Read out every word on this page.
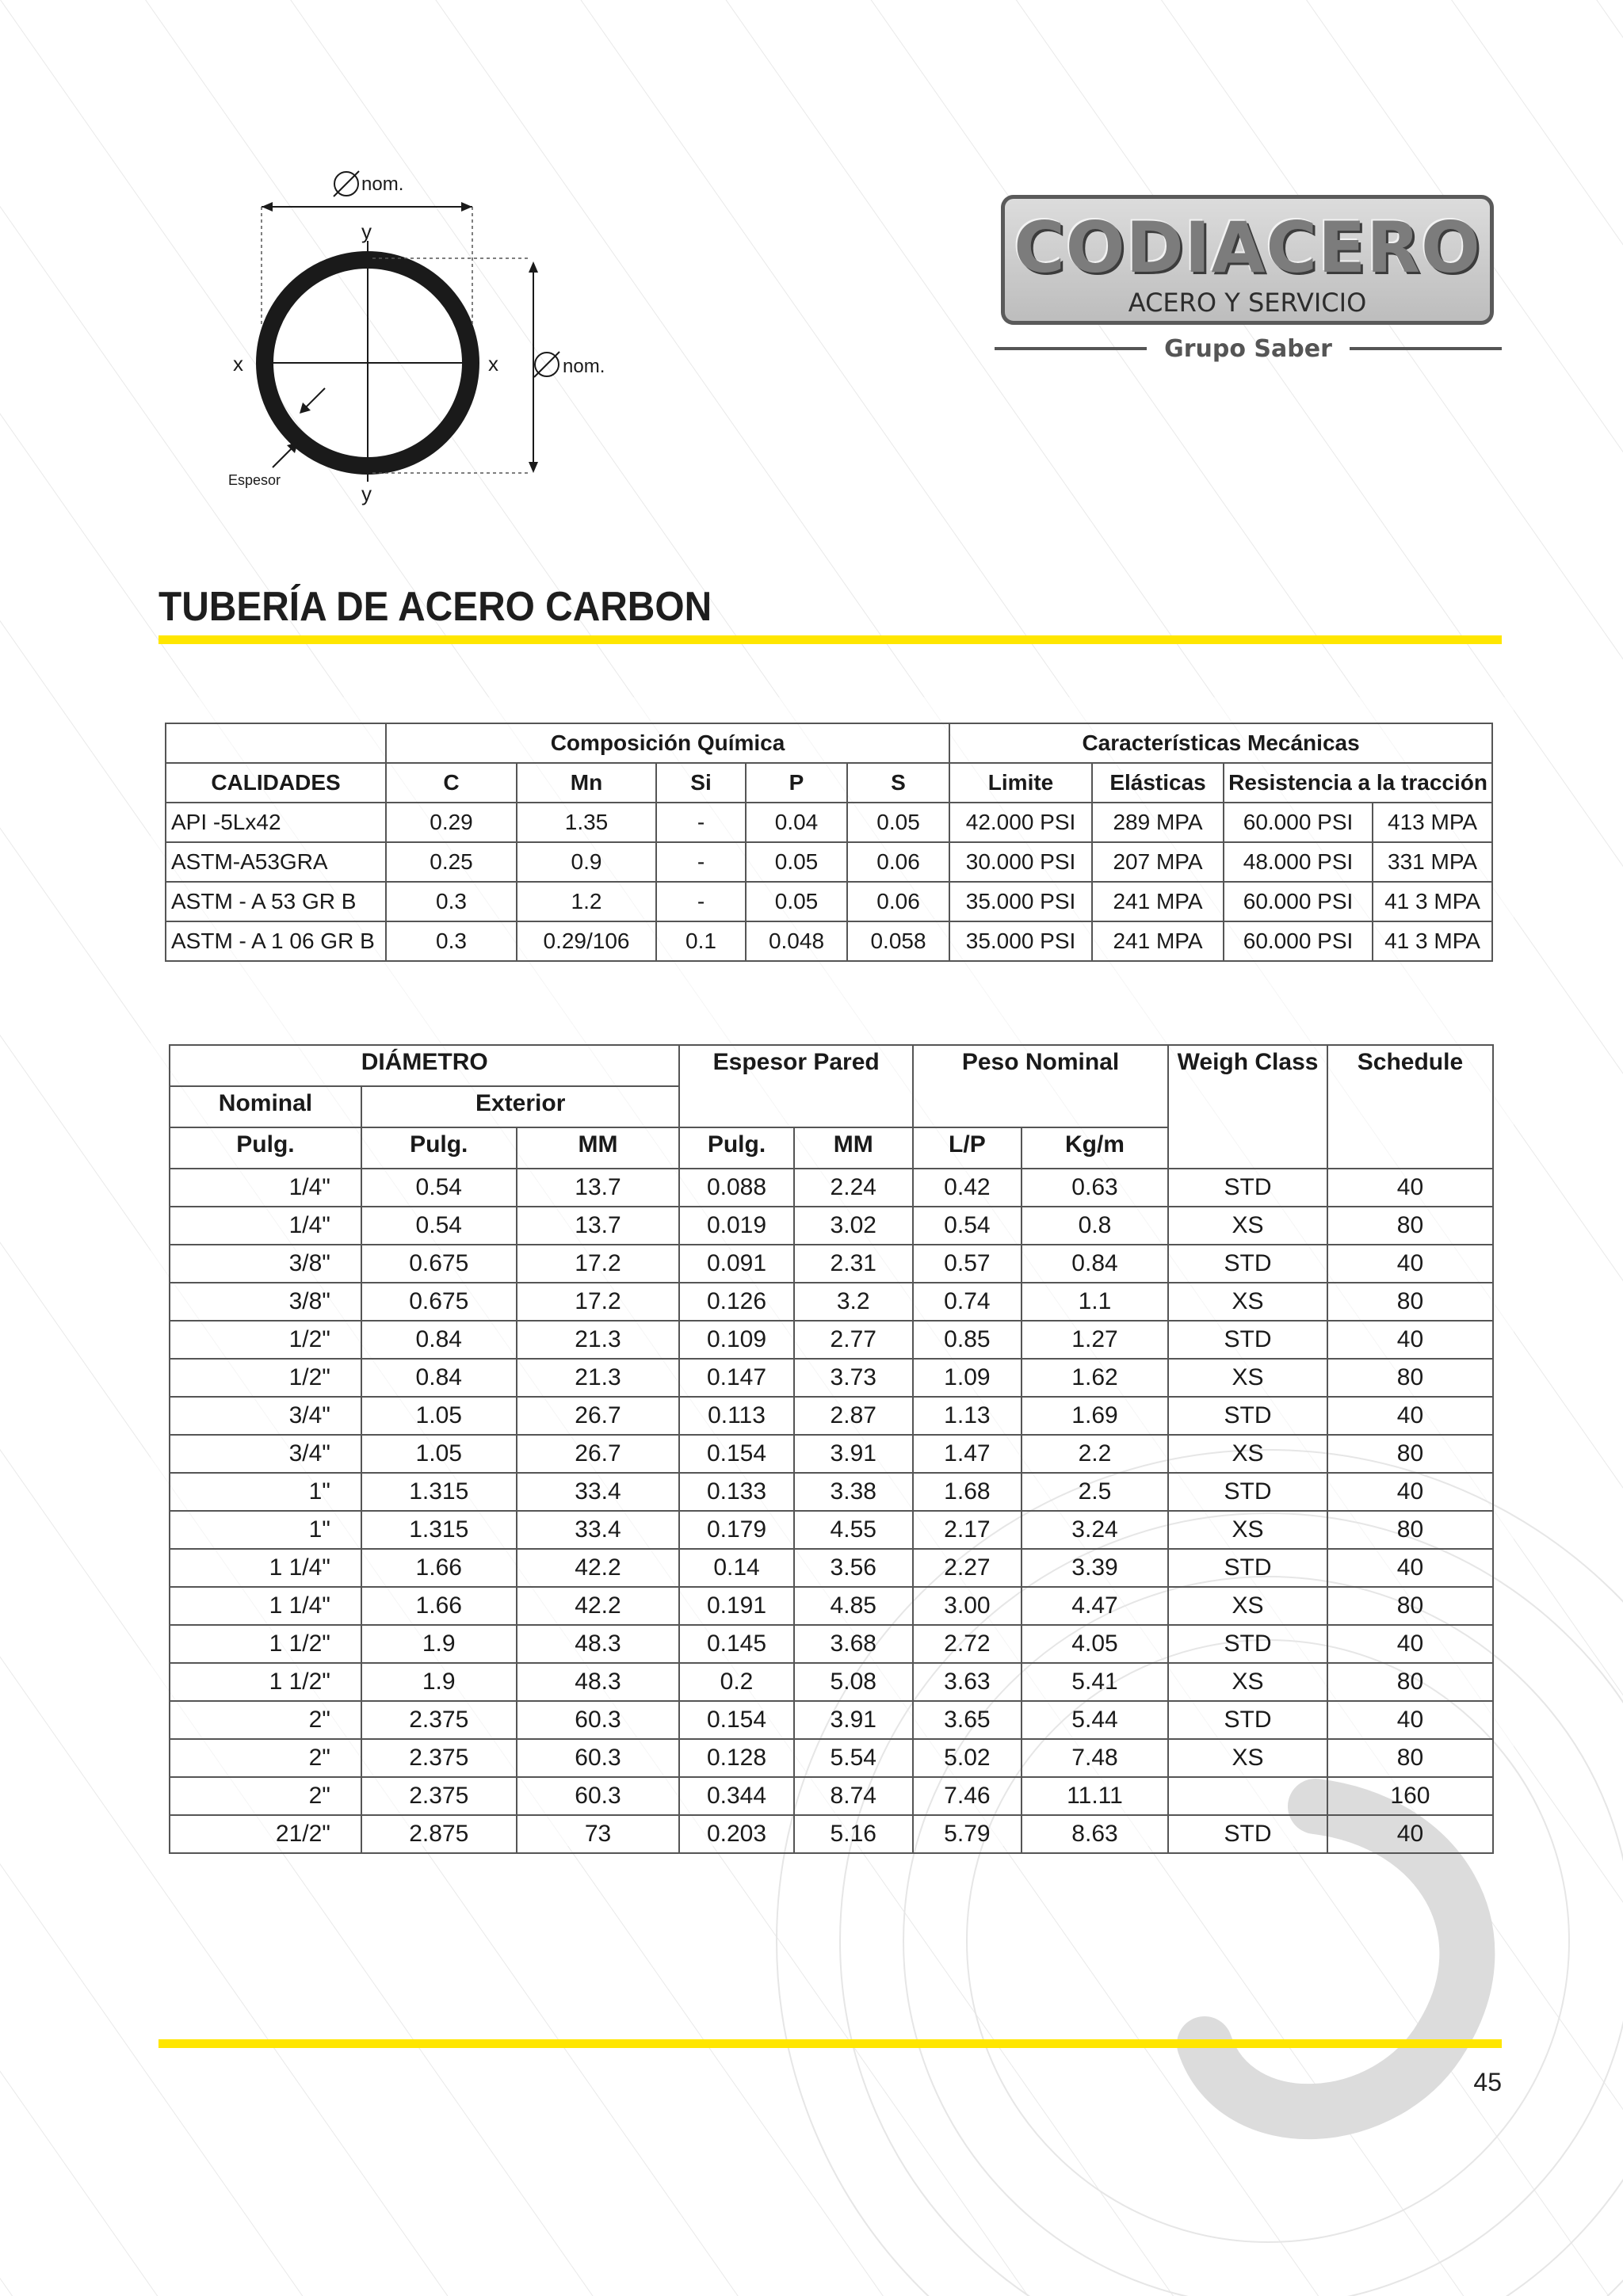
nom.
nom.
x	x
y
y
Espesor
CODIACERO
ACERO Y SERVICIO
Grupo Saber
TUBERÍA DE ACERO CARBON
	Composición Química					Características Mecánicas			
CALIDADES	C	Mn	Si	P	S	Limite	Elásticas	Resistencia a la tracción	
API -5Lx42	0.29	1.35	-	0.04	0.05	42.000 PSI	289 MPA	60.000 PSI	413 MPA
ASTM-A53GRA	0.25	0.9	-	0.05	0.06	30.000 PSI	207 MPA	48.000 PSI	331 MPA
ASTM - A 53 GR B	0.3	1.2	-	0.05	0.06	35.000 PSI	241 MPA	60.000 PSI	41 3 MPA
ASTM - A 1 06 GR B	0.3	0.29/106	0.1	0.048	0.058	35.000 PSI	241 MPA	60.000 PSI	41 3 MPA
DIÁMETRO			Espesor Pared		Peso Nominal		Weigh Class	Schedule
Nominal	Exterior							
Pulg.	Pulg.	MM	Pulg.	MM	L/P	Kg/m		
1/4"	0.54	13.7	0.088	2.24	0.42	0.63	STD	40
1/4"	0.54	13.7	0.019	3.02	0.54	0.8	XS	80
3/8"	0.675	17.2	0.091	2.31	0.57	0.84	STD	40
3/8"	0.675	17.2	0.126	3.2	0.74	1.1	XS	80
1/2"	0.84	21.3	0.109	2.77	0.85	1.27	STD	40
1/2"	0.84	21.3	0.147	3.73	1.09	1.62	XS	80
3/4"	1.05	26.7	0.113	2.87	1.13	1.69	STD	40
3/4"	1.05	26.7	0.154	3.91	1.47	2.2	XS	80
1"	1.315	33.4	0.133	3.38	1.68	2.5	STD	40
1"	1.315	33.4	0.179	4.55	2.17	3.24	XS	80
1 1/4"	1.66	42.2	0.14	3.56	2.27	3.39	STD	40
1 1/4"	1.66	42.2	0.191	4.85	3.00	4.47	XS	80
1 1/2"	1.9	48.3	0.145	3.68	2.72	4.05	STD	40
1 1/2"	1.9	48.3	0.2	5.08	3.63	5.41	XS	80
2"	2.375	60.3	0.154	3.91	3.65	5.44	STD	40
2"	2.375	60.3	0.128	5.54	5.02	7.48	XS	80
2"	2.375	60.3	0.344	8.74	7.46	11.11		160
21/2"	2.875	73	0.203	5.16	5.79	8.63	STD	40
45
